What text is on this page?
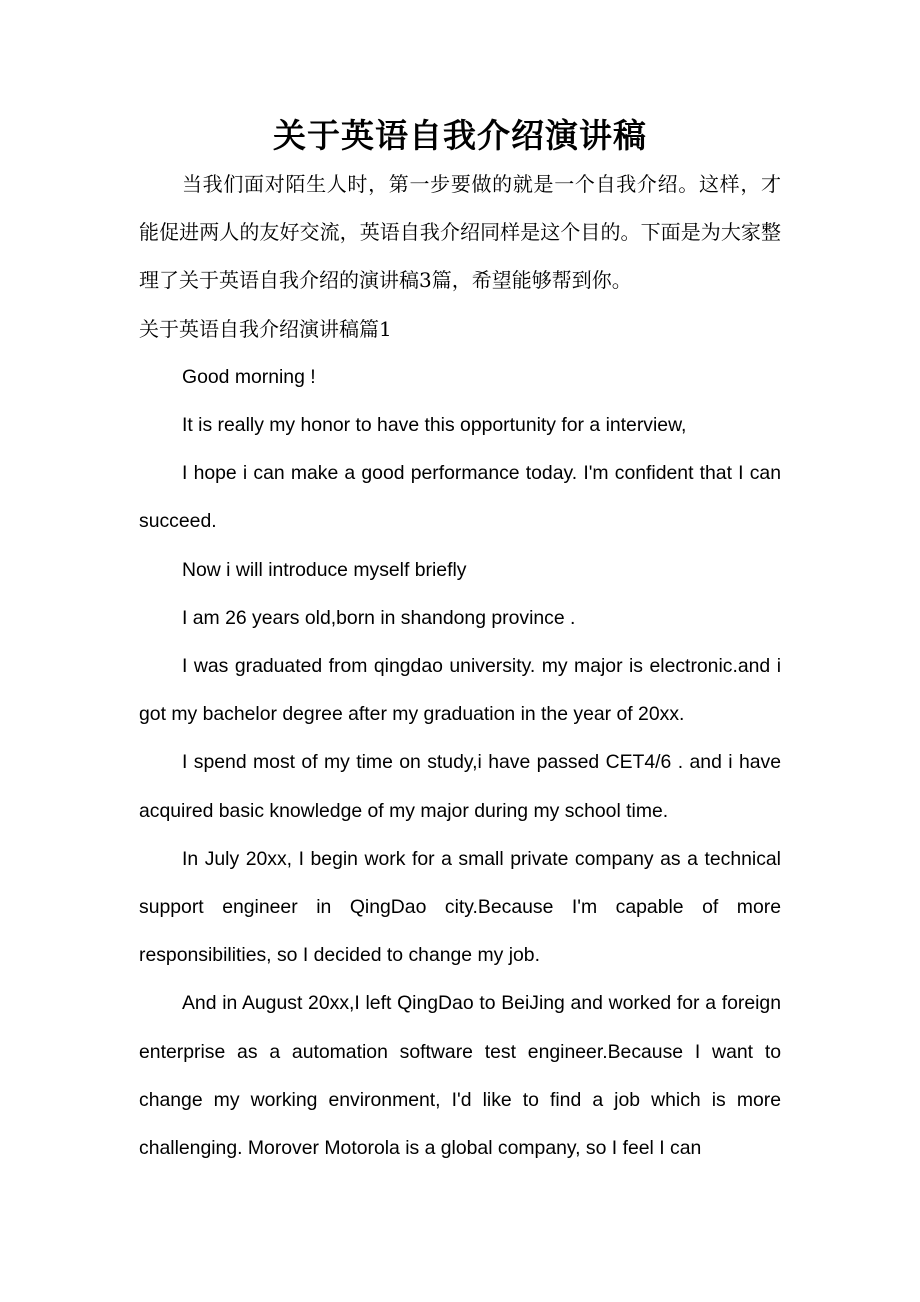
关于英语自我介绍演讲稿

当我们面对陌生人时，第一步要做的就是一个自我介绍。这样，才能促进两人的友好交流，英语自我介绍同样是这个目的。下面是为大家整理了关于英语自我介绍的演讲稿3篇，希望能够帮到你。

关于英语自我介绍演讲稿篇1

Good morning !

It is really my honor to have this opportunity for a interview,

I hope i can make a good performance today. I'm confident that I can succeed.

Now i will introduce myself briefly

I am 26 years old,born in shandong province .

I was graduated from qingdao university. my major is electronic.and i got my bachelor degree after my graduation in the year of 20xx.

I spend most of my time on study,i have passed CET4/6 . and i have acquired basic knowledge of my major during my school time.

In July 20xx, I begin work for a small private company as a technical support engineer in QingDao city.Because I'm capable of more responsibilities, so I decided to change my job.

And in August 20xx,I left QingDao to BeiJing and worked for a foreign enterprise as a automation software test engineer.Because I want to change my working environment, I'd like to find a job which is more challenging. Morover Motorola is a global company, so I feel I can
